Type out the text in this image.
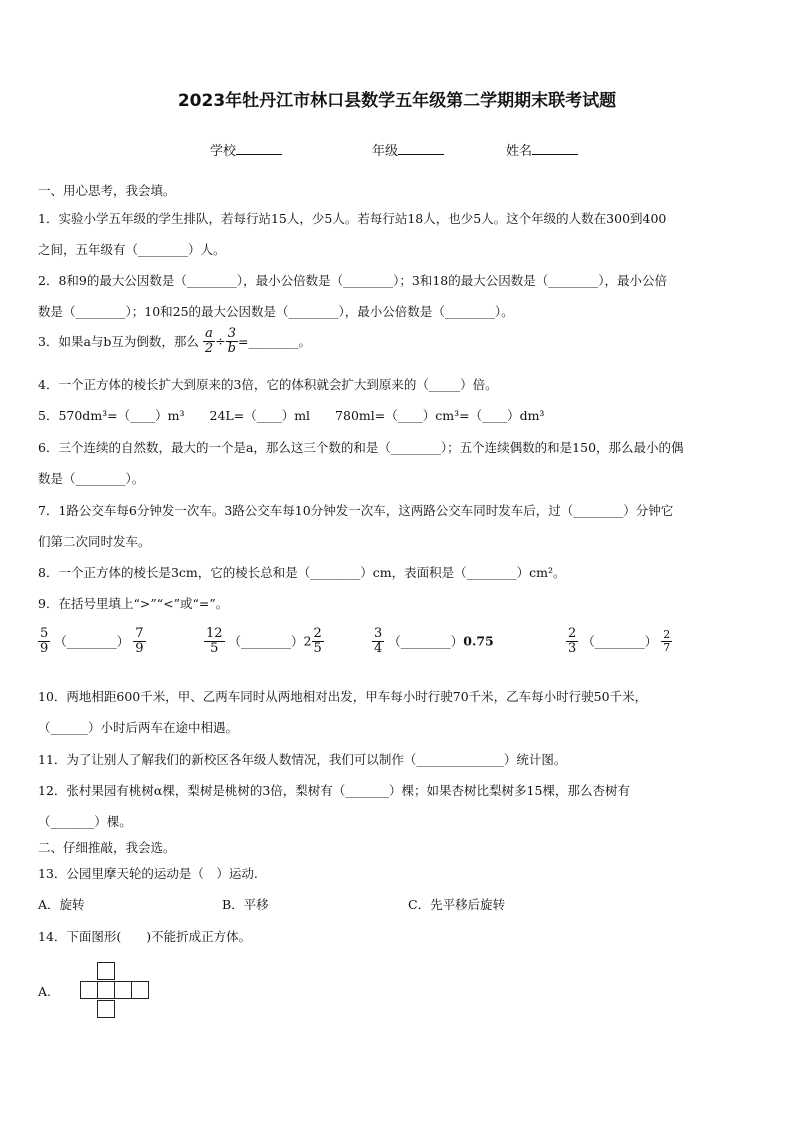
2023年牡丹江市林口县数学五年级第二学期期末联考试题
学校	年级	姓名
一、用心思考，我会填。
1．实验小学五年级的学生排队，若每行站15人，少5人。若每行站18人，也少5人。这个年级的人数在300到400
之间，五年级有（________）人。
2．8和9的最大公因数是（________），最小公倍数是（________）；3和18的最大公因数是（________），最小公倍
数是（________）；10和25的最大公因数是（________），最小公倍数是（________）。
3．如果a与b互为倒数，那么 $\frac{a}{2} \div \frac{3}{b}$ =________。
4．一个正方体的棱长扩大到原来的3倍，它的体积就会扩大到原来的（_____）倍。
5．570dm³=（____）m³　　24L=（____）ml　　780ml=（____）cm³=（____）dm³
6．三个连续的自然数，最大的一个是a，那么这三个数的和是（________）；五个连续偶数的和是150，那么最小的偶
数是（________）。
7．1路公交车每6分钟发一次车。3路公交车每10分钟发一次车，这两路公交车同时发车后，过（________）分钟它
们第二次同时发车。
8．一个正方体的棱长是3cm，它的棱长总和是（________）cm，表面积是（________）cm²。
9．在括号里填上“>”“<”或“=”。
$\frac{5}{9}$ （________） $\frac{7}{9}$	$\frac{12}{5}$ （________）2 $\frac{2}{5}$	$\frac{3}{4}$ （________）0.75	$\frac{2}{3}$ （________） $\frac{2}{7}$
10．两地相距600千米，甲、乙两车同时从两地相对出发，甲车每小时行驶70千米，乙车每小时行驶50千米，
（______）小时后两车在途中相遇。
11．为了让别人了解我们的新校区各年级人数情况，我们可以制作（______________）统计图。
12．张村果园有桃树α棵，梨树是桃树的3倍，梨树有（_______）棵；如果杏树比梨树多15棵，那么杏树有
（_______）棵。
二、仔细推敲，我会选。
13．公园里摩天轮的运动是（　）运动.
A．旋转	B．平移	C．先平移后旋转
14．下面图形(　　)不能折成正方体。
A.
